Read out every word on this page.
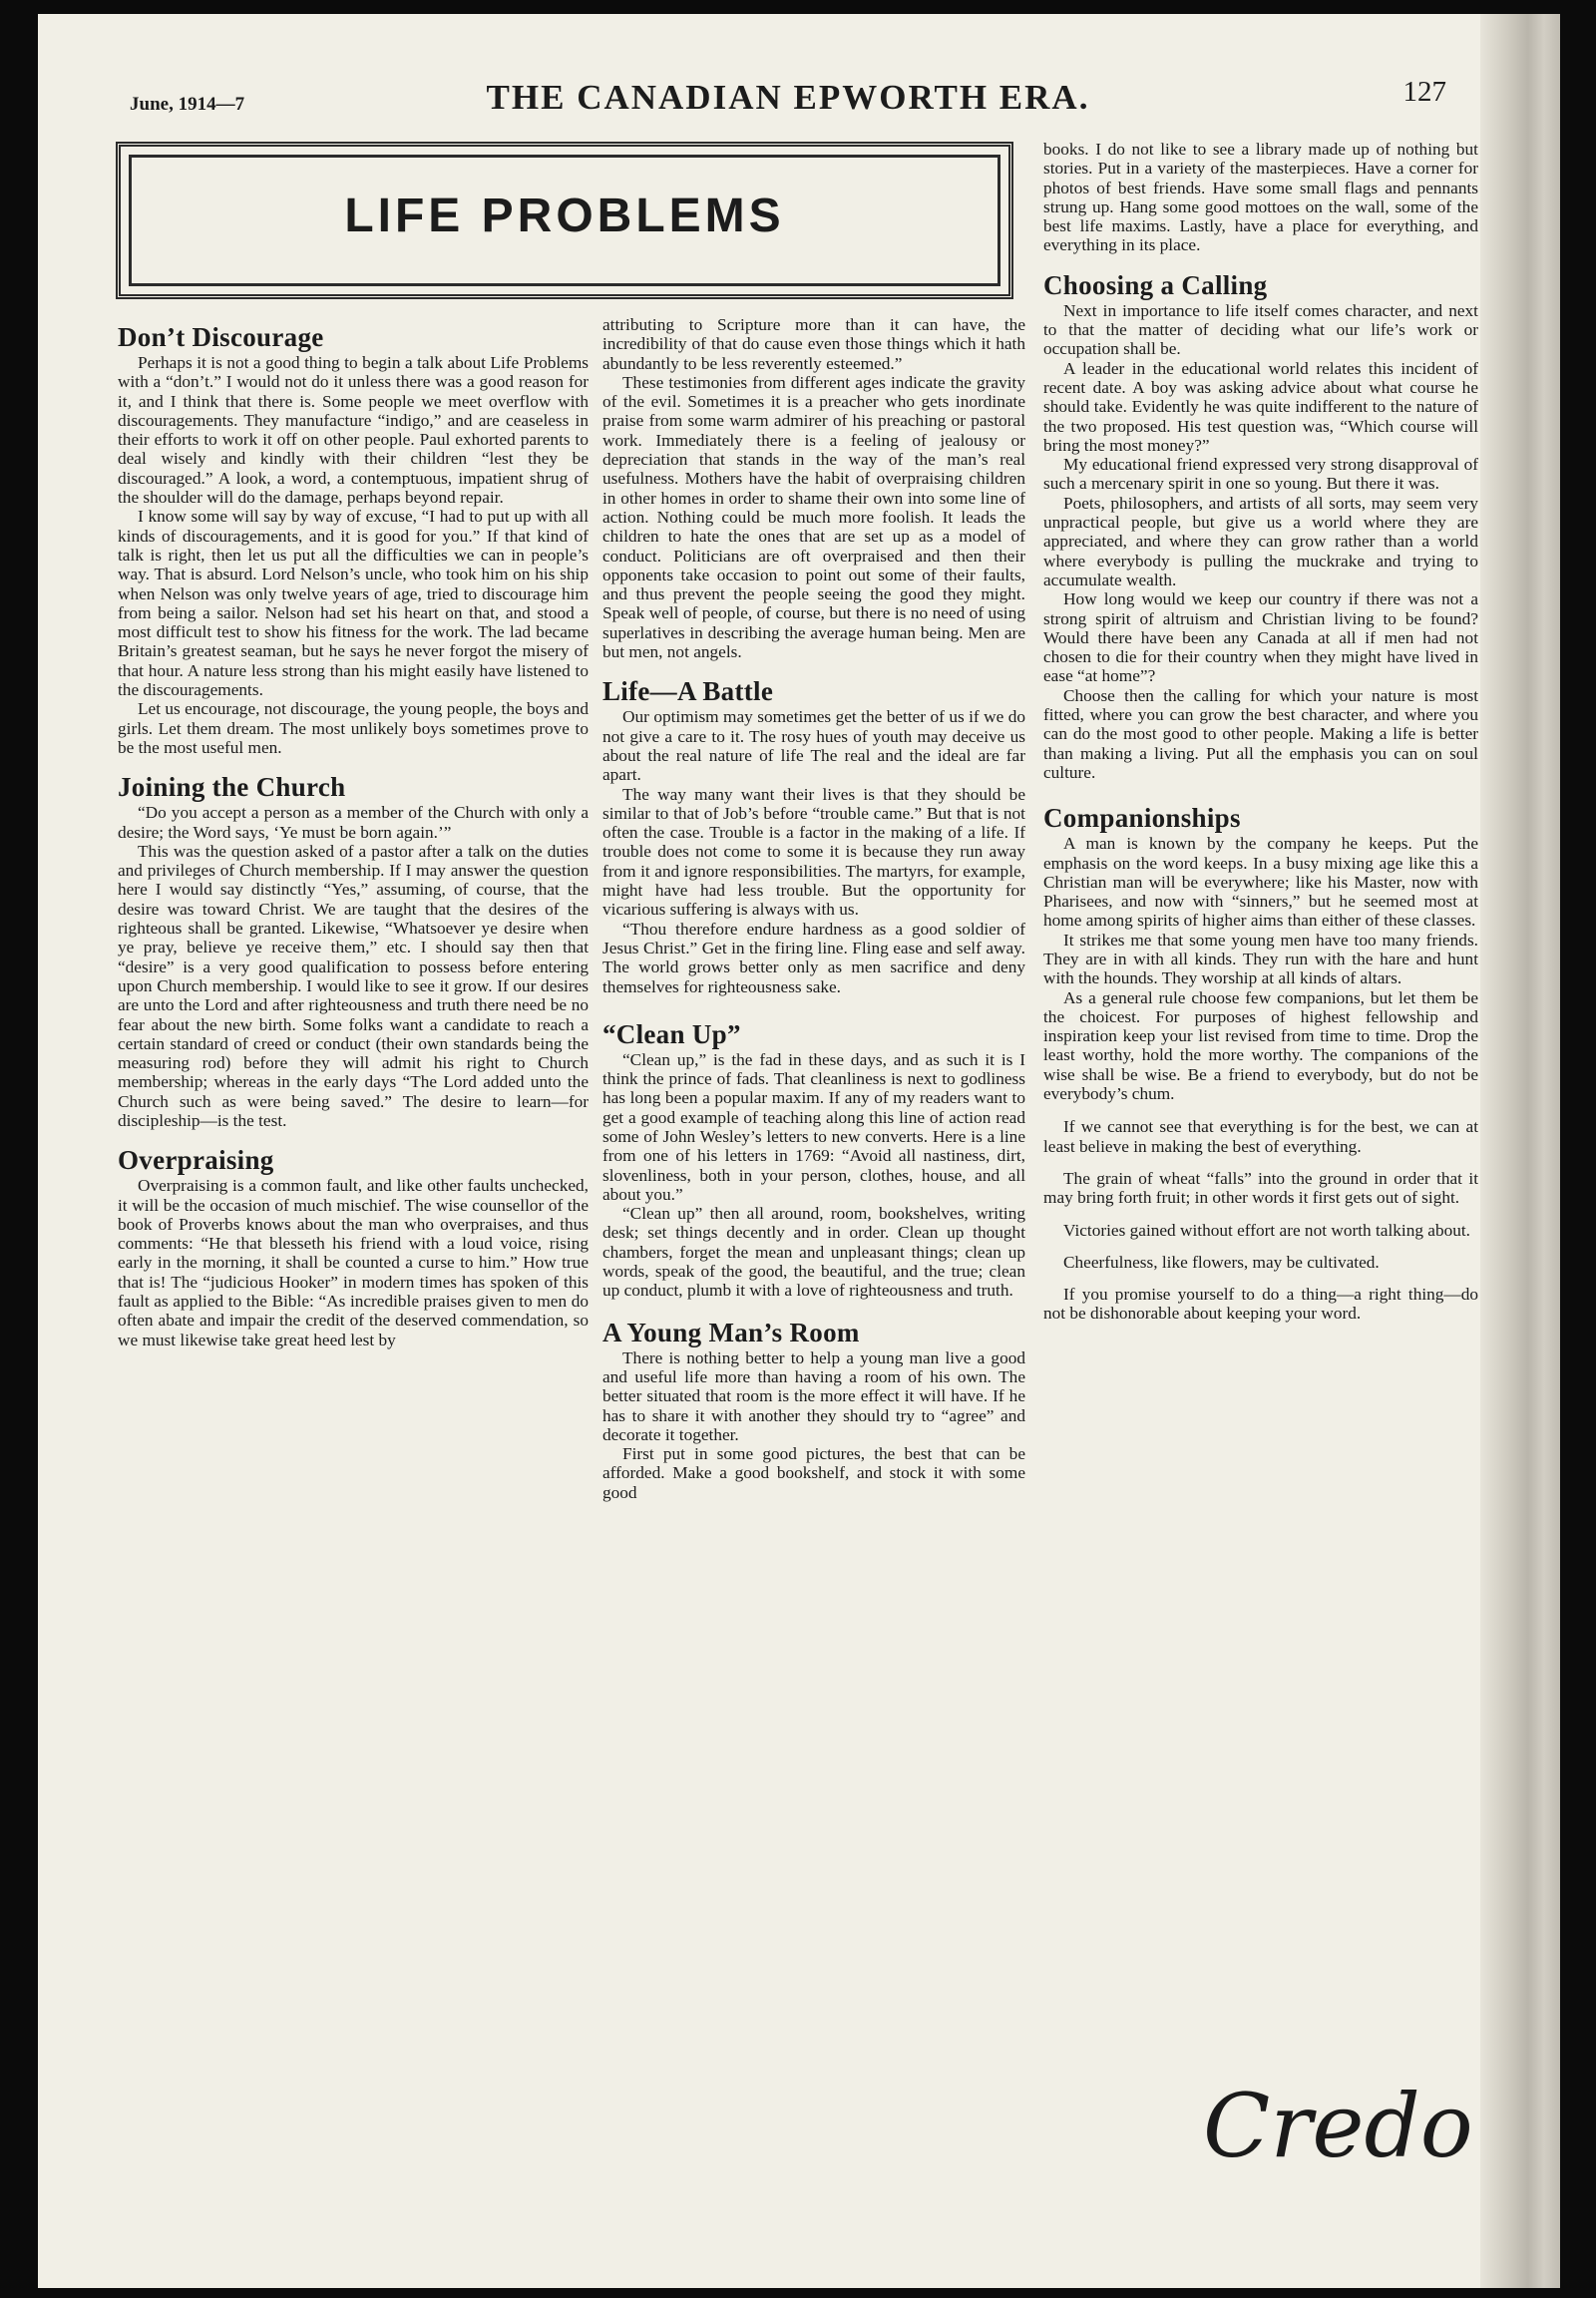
June, 1914—7	THE CANADIAN EPWORTH ERA.	127
LIFE PROBLEMS
Don’t Discourage

Perhaps it is not a good thing to begin a talk about Life Problems with a “don’t.” I would not do it unless there was a good reason for it, and I think that there is. Some people we meet overflow with discouragements. They manufacture “indigo,” and are ceaseless in their efforts to work it off on other people. Paul exhorted parents to deal wisely and kindly with their children “lest they be discouraged.” A look, a word, a contemptuous, impatient shrug of the shoulder will do the damage, perhaps beyond repair.

I know some will say by way of excuse, “I had to put up with all kinds of discouragements, and it is good for you.” If that kind of talk is right, then let us put all the difficulties we can in people’s way. That is absurd. Lord Nelson’s uncle, who took him on his ship when Nelson was only twelve years of age, tried to discourage him from being a sailor. Nelson had set his heart on that, and stood a most difficult test to show his fitness for the work. The lad became Britain’s greatest seaman, but he says he never forgot the misery of that hour. A nature less strong than his might easily have listened to the discouragements.

Let us encourage, not discourage, the young people, the boys and girls. Let them dream. The most unlikely boys sometimes prove to be the most useful men.

Joining the Church

“Do you accept a person as a member of the Church with only a desire; the Word says, ‘Ye must be born again.’”

This was the question asked of a pastor after a talk on the duties and privileges of Church membership. If I may answer the question here I would say distinctly “Yes,” assuming, of course, that the desire was toward Christ. We are taught that the desires of the righteous shall be granted. Likewise, “Whatsoever ye desire when ye pray, believe ye receive them,” etc. I should say then that “desire” is a very good qualification to possess before entering upon Church membership. I would like to see it grow. If our desires are unto the Lord and after righteousness and truth there need be no fear about the new birth. Some folks want a candidate to reach a certain standard of creed or conduct (their own standards being the measuring rod) before they will admit his right to Church membership; whereas in the early days “The Lord added unto the Church such as were being saved.” The desire to learn—for discipleship—is the test.

Overpraising

Overpraising is a common fault, and like other faults unchecked, it will be the occasion of much mischief. The wise counsellor of the book of Proverbs knows about the man who overpraises, and thus comments: “He that blesseth his friend with a loud voice, rising early in the morning, it shall be counted a curse to him.” How true that is! The “judicious Hooker” in modern times has spoken of this fault as applied to the Bible: “As incredible praises given to men do often abate and impair the credit of the deserved commendation, so we must likewise take great heed lest by

attributing to Scripture more than it can have, the incredibility of that do cause even those things which it hath abundantly to be less reverently esteemed.”

These testimonies from different ages indicate the gravity of the evil. Sometimes it is a preacher who gets inordinate praise from some warm admirer of his preaching or pastoral work. Immediately there is a feeling of jealousy or depreciation that stands in the way of the man’s real usefulness. Mothers have the habit of overpraising children in other homes in order to shame their own into some line of action. Nothing could be much more foolish. It leads the children to hate the ones that are set up as a model of conduct. Politicians are oft overpraised and then their opponents take occasion to point out some of their faults, and thus prevent the people seeing the good they might. Speak well of people, of course, but there is no need of using superlatives in describing the average human being. Men are but men, not angels.

Life—A Battle

Our optimism may sometimes get the better of us if we do not give a care to it. The rosy hues of youth may deceive us about the real nature of life The real and the ideal are far apart.

The way many want their lives is that they should be similar to that of Job’s before “trouble came.” But that is not often the case. Trouble is a factor in the making of a life. If trouble does not come to some it is because they run away from it and ignore responsibilities. The martyrs, for example, might have had less trouble. But the opportunity for vicarious suffering is always with us.

“Thou therefore endure hardness as a good soldier of Jesus Christ.” Get in the firing line. Fling ease and self away. The world grows better only as men sacrifice and deny themselves for righteousness sake.

“Clean Up”

“Clean up,” is the fad in these days, and as such it is I think the prince of fads. That cleanliness is next to godliness has long been a popular maxim. If any of my readers want to get a good example of teaching along this line of action read some of John Wesley’s letters to new converts. Here is a line from one of his letters in 1769: “Avoid all nastiness, dirt, slovenliness, both in your person, clothes, house, and all about you.”

“Clean up” then all around, room, bookshelves, writing desk; set things decently and in order. Clean up thought chambers, forget the mean and unpleasant things; clean up words, speak of the good, the beautiful, and the true; clean up conduct, plumb it with a love of righteousness and truth.

A Young Man’s Room

There is nothing better to help a young man live a good and useful life more than having a room of his own. The better situated that room is the more effect it will have. If he has to share it with another they should try to “agree” and decorate it together.

First put in some good pictures, the best that can be afforded. Make a good bookshelf, and stock it with some good

books. I do not like to see a library made up of nothing but stories. Put in a variety of the masterpieces. Have a corner for photos of best friends. Have some small flags and pennants strung up. Hang some good mottoes on the wall, some of the best life maxims. Lastly, have a place for everything, and everything in its place.

Choosing a Calling

Next in importance to life itself comes character, and next to that the matter of deciding what our life’s work or occupation shall be.

A leader in the educational world relates this incident of recent date. A boy was asking advice about what course he should take. Evidently he was quite indifferent to the nature of the two proposed. His test question was, “Which course will bring the most money?”

My educational friend expressed very strong disapproval of such a mercenary spirit in one so young. But there it was.

Poets, philosophers, and artists of all sorts, may seem very unpractical people, but give us a world where they are appreciated, and where they can grow rather than a world where everybody is pulling the muckrake and trying to accumulate wealth.

How long would we keep our country if there was not a strong spirit of altruism and Christian living to be found? Would there have been any Canada at all if men had not chosen to die for their country when they might have lived in ease “at home”?

Choose then the calling for which your nature is most fitted, where you can grow the best character, and where you can do the most good to other people. Making a life is better than making a living. Put all the emphasis you can on soul culture.

Companionships

A man is known by the company he keeps. Put the emphasis on the word keeps. In a busy mixing age like this a Christian man will be everywhere; like his Master, now with Pharisees, and now with “sinners,” but he seemed most at home among spirits of higher aims than either of these classes.

It strikes me that some young men have too many friends. They are in with all kinds. They run with the hare and hunt with the hounds. They worship at all kinds of altars.

As a general rule choose few companions, but let them be the choicest. For purposes of highest fellowship and inspiration keep your list revised from time to time. Drop the least worthy, hold the more worthy. The companions of the wise shall be wise. Be a friend to everybody, but do not be everybody’s chum.

If we cannot see that everything is for the best, we can at least believe in making the best of everything.

The grain of wheat “falls” into the ground in order that it may bring forth fruit; in other words it first gets out of sight.

Victories gained without effort are not worth talking about.

Cheerfulness, like flowers, may be cultivated.

If you promise yourself to do a thing—a right thing—do not be dishonorable about keeping your word.

Credo
